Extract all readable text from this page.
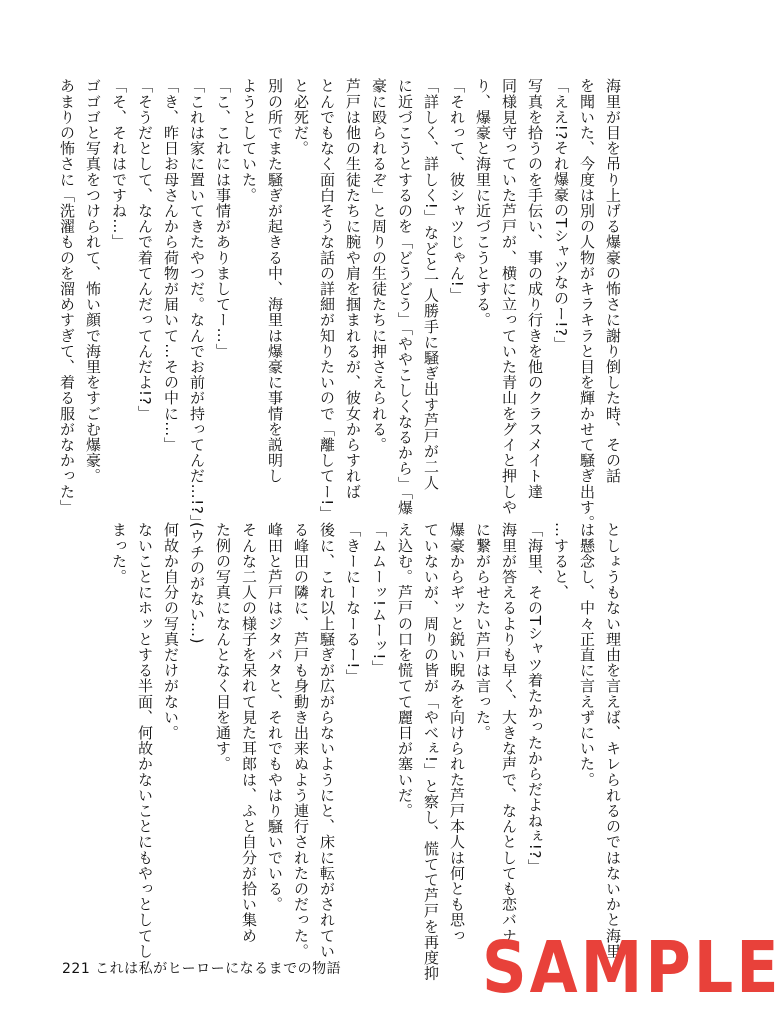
海里が目を吊り上げる爆豪の怖さに謝り倒した時、その話

を聞いた、今度は別の人物がキラキラと目を輝かせて騒ぎ出す。

「ええ!?それ爆豪のTシャツなのー!?」

写真を拾うのを手伝い、事の成り行きを他のクラスメイト達

同様見守っていた芦戸が、横に立っていた青山をグイと押しや

り、爆豪と海里に近づこうとする。

「それって、彼シャツじゃん!」

「詳しく、詳しく!」などと一人勝手に騒ぎ出す芦戸が二人

に近づこうとするのを「どうどう」「ややこしくなるから」「爆

豪に殴られるぞ」と周りの生徒たちに押さえられる。

芦戸は他の生徒たちに腕や肩を掴まれるが、彼女からすれば

とんでもなく面白そうな話の詳細が知りたいので「離してー!」

と必死だ。

別の所でまた騒ぎが起きる中、海里は爆豪に事情を説明し

ようとしていた。

「こ、これには事情がありましてー…」

「これは家に置いてきたやつだ。なんでお前が持ってんだ…!?」

「き、昨日お母さんから荷物が届いて…その中に…」

「そうだとして、なんで着てんだってんだよ!?」

「そ、それはですね…」

ゴゴゴと写真をつけられて、怖い顔で海里をすごむ爆豪。

あまりの怖さに「洗濯ものを溜めすぎて、着る服がなかった」

としょうもない理由を言えば、キレられるのではないかと海里

は懸念し、中々正直に言えずにいた。

…すると、

「海里、そのTシャツ着たかったからだよねぇ!?」

海里が答えるよりも早く、大きな声で、なんとしても恋バナ

に繋がらせたい芦戸は言った。

爆豪からギッと鋭い睨みを向けられた芦戸本人は何とも思っ

ていないが、周りの皆が「やべぇ!」と察し、慌てて芦戸を再度抑

え込む。芦戸の口を慌てて麗日が塞いだ。

「ムムーッ!ムーッ!」

「きーにーなーるー!」

後に、これ以上騒ぎが広がらないようにと、床に転がされてい

る峰田の隣に、芦戸も身動き出来ぬよう連行されたのだった。

峰田と芦戸はジタバタと、それでもやはり騒いでいる。

そんな二人の様子を呆れて見た耳郎は、ふと自分が拾い集め

た例の写真になんとなく目を通す。

(ウチのがない…)

何故か自分の写真だけがない。

ないことにホッとする半面、何故かないことにもやっとしてし

まった。

221 これは私がヒーローになるまでの物語 SAMPLE
